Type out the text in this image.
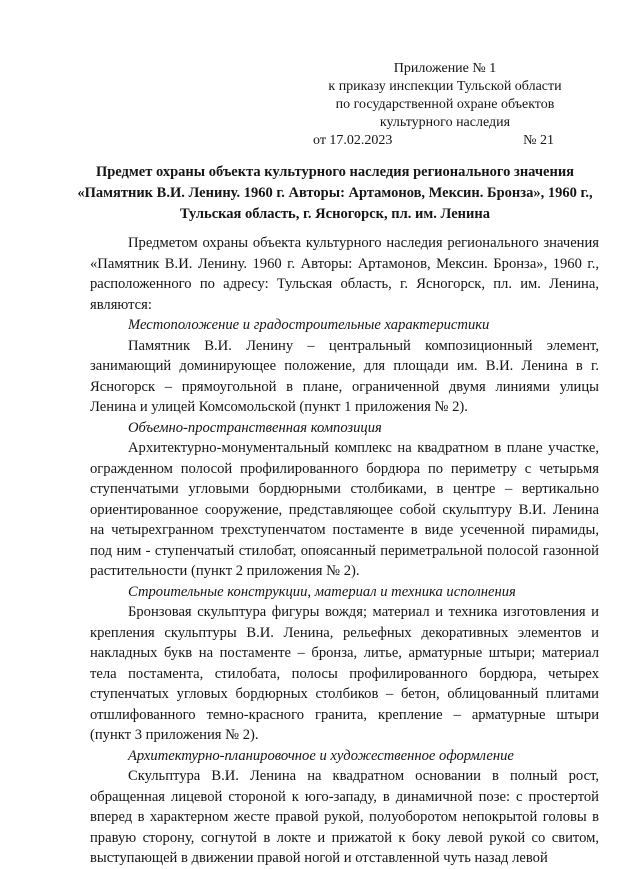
Приложение № 1
к приказу инспекции Тульской области
по государственной охране объектов
культурного наследия
от 17.02.2023	№ 21
Предмет охраны объекта культурного наследия регионального значения «Памятник В.И. Ленину. 1960 г. Авторы: Артамонов, Мексин. Бронза», 1960 г., Тульская область, г. Ясногорск, пл. им. Ленина

Предметом охраны объекта культурного наследия регионального значения «Памятник В.И. Ленину. 1960 г. Авторы: Артамонов, Мексин. Бронза», 1960 г., расположенного по адресу: Тульская область, г. Ясногорск, пл. им. Ленина, являются:

Местоположение и градостроительные характеристики

Памятник В.И. Ленину – центральный композиционный элемент, занимающий доминирующее положение, для площади им. В.И. Ленина в г. Ясногорск – прямоугольной в плане, ограниченной двумя линиями улицы Ленина и улицей Комсомольской (пункт 1 приложения № 2).

Объемно-пространственная композиция

Архитектурно-монументальный комплекс на квадратном в плане участке, огражденном полосой профилированного бордюра по периметру с четырьмя ступенчатыми угловыми бордюрными столбиками, в центре – вертикально ориентированное сооружение, представляющее собой скульптуру В.И. Ленина на четырехгранном трехступенчатом постаменте в виде усеченной пирамиды, под ним - ступенчатый стилобат, опоясанный периметральной полосой газонной растительности (пункт 2 приложения № 2).

Строительные конструкции, материал и техника исполнения

Бронзовая скульптура фигуры вождя; материал и техника изготовления и крепления скульптуры В.И. Ленина, рельефных декоративных элементов и накладных букв на постаменте – бронза, литье, арматурные штыри; материал тела постамента, стилобата, полосы профилированного бордюра, четырех ступенчатых угловых бордюрных столбиков – бетон, облицованный плитами отшлифованного темно-красного гранита, крепление – арматурные штыри (пункт 3 приложения № 2).

Архитектурно-планировочное и художественное оформление

Скульптура В.И. Ленина на квадратном основании в полный рост, обращенная лицевой стороной к юго-западу, в динамичной позе: с простертой вперед в характерном жесте правой рукой, полуоборотом непокрытой головы в правую сторону, согнутой в локте и прижатой к боку левой рукой со свитом, выступающей в движении правой ногой и отставленной чуть назад левой
